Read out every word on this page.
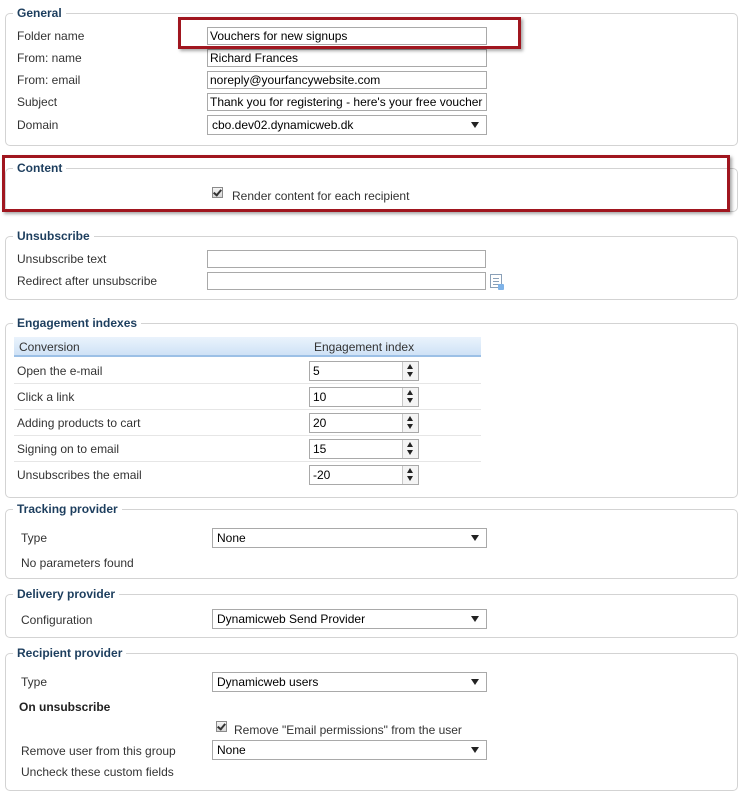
General
Folder name	Vouchers for new signups
From: name	Richard Frances
From: email	noreply@yourfancywebsite.com
Subject	Thank you for registering - here's your free voucher
Domain	cbo.dev02.dynamicweb.dk
Content
Render content for each recipient
Unsubscribe
Unsubscribe text
Redirect after unsubscribe
Engagement indexes
Conversion	Engagement index
Open the e-mail	5
Click a link	10
Adding products to cart	20
Signing on to email	15
Unsubscribes the email	-20
Tracking provider
Type	None
No parameters found
Delivery provider
Configuration	Dynamicweb Send Provider
Recipient provider
Type	Dynamicweb users
On unsubscribe
Remove "Email permissions" from the user
Remove user from this group	None
Uncheck these custom fields
